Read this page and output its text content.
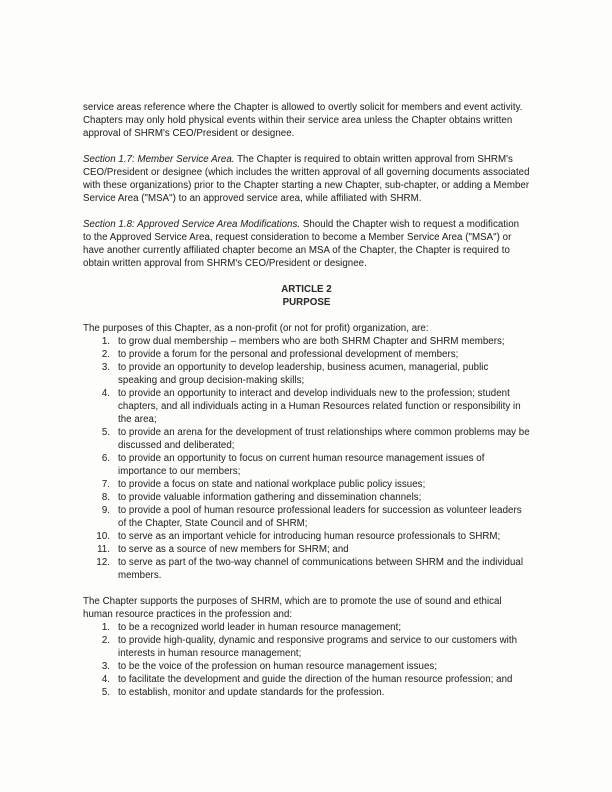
service areas reference where the Chapter is allowed to overtly solicit for members and event activity. Chapters may only hold physical events within their service area unless the Chapter obtains written approval of SHRM's CEO/President or designee.

Section 1.7: Member Service Area. The Chapter is required to obtain written approval from SHRM's CEO/President or designee (which includes the written approval of all governing documents associated with these organizations) prior to the Chapter starting a new Chapter, sub-chapter, or adding a Member Service Area ("MSA") to an approved service area, while affiliated with SHRM.

Section 1.8: Approved Service Area Modifications. Should the Chapter wish to request a modification to the Approved Service Area, request consideration to become a Member Service Area ("MSA") or have another currently affiliated chapter become an MSA of the Chapter, the Chapter is required to obtain written approval from SHRM's CEO/President or designee.

ARTICLE 2
PURPOSE
The purposes of this Chapter, as a non-profit (or not for profit) organization, are:
1. to grow dual membership – members who are both SHRM Chapter and SHRM members;
2. to provide a forum for the personal and professional development of members;
3. to provide an opportunity to develop leadership, business acumen, managerial, public speaking and group decision-making skills;
4. to provide an opportunity to interact and develop individuals new to the profession; student chapters, and all individuals acting in a Human Resources related function or responsibility in the area;
5. to provide an arena for the development of trust relationships where common problems may be discussed and deliberated;
6. to provide an opportunity to focus on current human resource management issues of importance to our members;
7. to provide a focus on state and national workplace public policy issues;
8. to provide valuable information gathering and dissemination channels;
9. to provide a pool of human resource professional leaders for succession as volunteer leaders of the Chapter, State Council and of SHRM;
10. to serve as an important vehicle for introducing human resource professionals to SHRM;
11. to serve as a source of new members for SHRM; and
12. to serve as part of the two-way channel of communications between SHRM and the individual members.

The Chapter supports the purposes of SHRM, which are to promote the use of sound and ethical human resource practices in the profession and:

1. to be a recognized world leader in human resource management;
2. to provide high-quality, dynamic and responsive programs and service to our customers with interests in human resource management;
3. to be the voice of the profession on human resource management issues;
4. to facilitate the development and guide the direction of the human resource profession; and
5. to establish, monitor and update standards for the profession.
